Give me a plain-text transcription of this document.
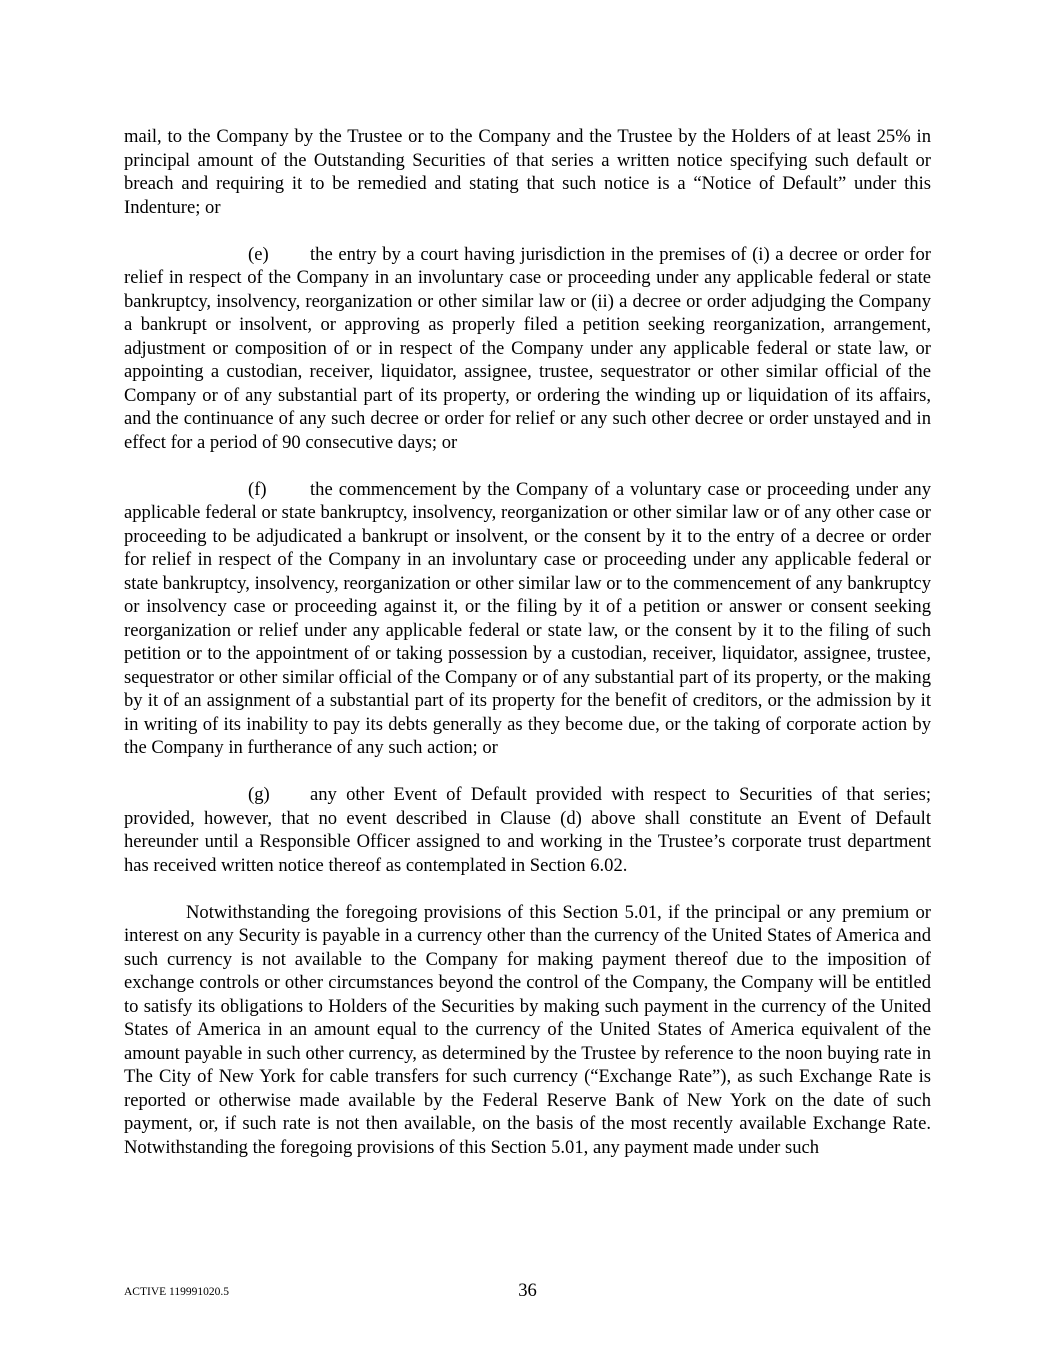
mail, to the Company by the Trustee or to the Company and the Trustee by the Holders of at least 25% in principal amount of the Outstanding Securities of that series a written notice specifying such default or breach and requiring it to be remedied and stating that such notice is a “Notice of Default” under this Indenture; or

(e) the entry by a court having jurisdiction in the premises of (i) a decree or order for relief in respect of the Company in an involuntary case or proceeding under any applicable federal or state bankruptcy, insolvency, reorganization or other similar law or (ii) a decree or order adjudging the Company a bankrupt or insolvent, or approving as properly filed a petition seeking reorganization, arrangement, adjustment or composition of or in respect of the Company under any applicable federal or state law, or appointing a custodian, receiver, liquidator, assignee, trustee, sequestrator or other similar official of the Company or of any substantial part of its property, or ordering the winding up or liquidation of its affairs, and the continuance of any such decree or order for relief or any such other decree or order unstayed and in effect for a period of 90 consecutive days; or

(f) the commencement by the Company of a voluntary case or proceeding under any applicable federal or state bankruptcy, insolvency, reorganization or other similar law or of any other case or proceeding to be adjudicated a bankrupt or insolvent, or the consent by it to the entry of a decree or order for relief in respect of the Company in an involuntary case or proceeding under any applicable federal or state bankruptcy, insolvency, reorganization or other similar law or to the commencement of any bankruptcy or insolvency case or proceeding against it, or the filing by it of a petition or answer or consent seeking reorganization or relief under any applicable federal or state law, or the consent by it to the filing of such petition or to the appointment of or taking possession by a custodian, receiver, liquidator, assignee, trustee, sequestrator or other similar official of the Company or of any substantial part of its property, or the making by it of an assignment of a substantial part of its property for the benefit of creditors, or the admission by it in writing of its inability to pay its debts generally as they become due, or the taking of corporate action by the Company in furtherance of any such action; or

(g) any other Event of Default provided with respect to Securities of that series; provided, however, that no event described in Clause (d) above shall constitute an Event of Default hereunder until a Responsible Officer assigned to and working in the Trustee’s corporate trust department has received written notice thereof as contemplated in Section 6.02.

Notwithstanding the foregoing provisions of this Section 5.01, if the principal or any premium or interest on any Security is payable in a currency other than the currency of the United States of America and such currency is not available to the Company for making payment thereof due to the imposition of exchange controls or other circumstances beyond the control of the Company, the Company will be entitled to satisfy its obligations to Holders of the Securities by making such payment in the currency of the United States of America in an amount equal to the currency of the United States of America equivalent of the amount payable in such other currency, as determined by the Trustee by reference to the noon buying rate in The City of New York for cable transfers for such currency (“Exchange Rate”), as such Exchange Rate is reported or otherwise made available by the Federal Reserve Bank of New York on the date of such payment, or, if such rate is not then available, on the basis of the most recently available Exchange Rate. Notwithstanding the foregoing provisions of this Section 5.01, any payment made under such

ACTIVE 119991020.5	36
